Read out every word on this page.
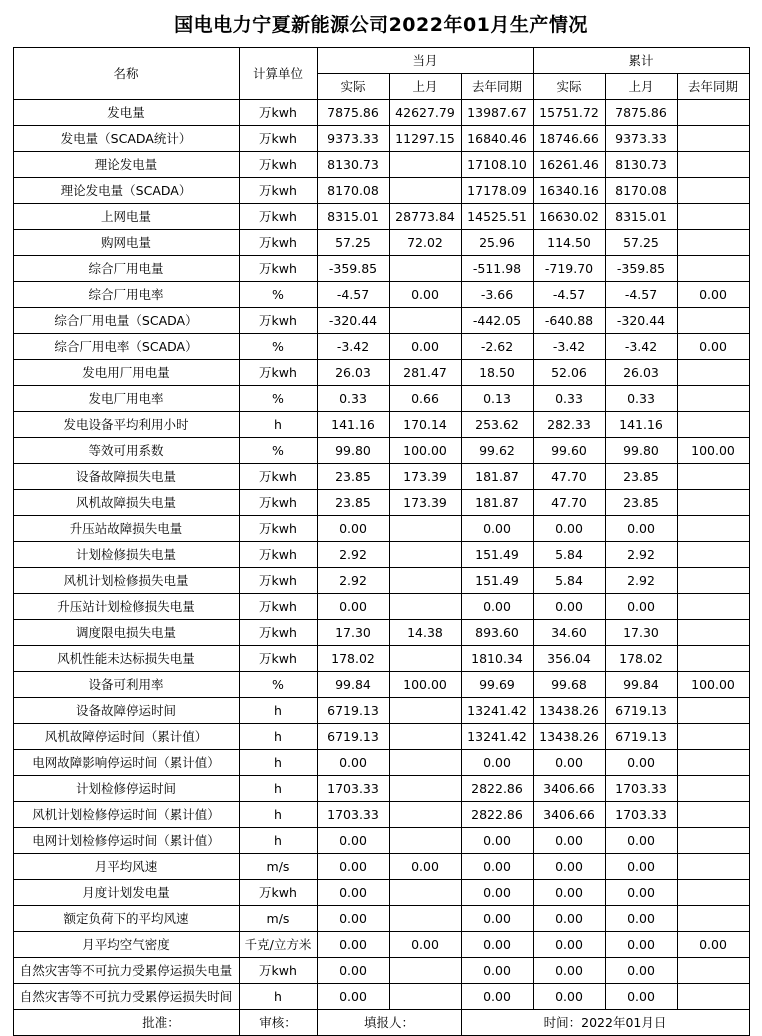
国电电力宁夏新能源公司2022年01月生产情况
名称	计算单位	当月			累计		
		实际	上月	去年同期	实际	上月	去年同期
发电量	万kwh	7875.86	42627.79	13987.67	15751.72	7875.86	
发电量（SCADA统计）	万kwh	9373.33	11297.15	16840.46	18746.66	9373.33	
理论发电量	万kwh	8130.73		17108.10	16261.46	8130.73	
理论发电量（SCADA）	万kwh	8170.08		17178.09	16340.16	8170.08	
上网电量	万kwh	8315.01	28773.84	14525.51	16630.02	8315.01	
购网电量	万kwh	57.25	72.02	25.96	114.50	57.25	
综合厂用电量	万kwh	-359.85		-511.98	-719.70	-359.85	
综合厂用电率	%	-4.57	0.00	-3.66	-4.57	-4.57	0.00
综合厂用电量（SCADA）	万kwh	-320.44		-442.05	-640.88	-320.44	
综合厂用电率（SCADA）	%	-3.42	0.00	-2.62	-3.42	-3.42	0.00
发电用厂用电量	万kwh	26.03	281.47	18.50	52.06	26.03	
发电厂用电率	%	0.33	0.66	0.13	0.33	0.33	
发电设备平均利用小时	h	141.16	170.14	253.62	282.33	141.16	
等效可用系数	%	99.80	100.00	99.62	99.60	99.80	100.00
设备故障损失电量	万kwh	23.85	173.39	181.87	47.70	23.85	
风机故障损失电量	万kwh	23.85	173.39	181.87	47.70	23.85	
升压站故障损失电量	万kwh	0.00		0.00	0.00	0.00	
计划检修损失电量	万kwh	2.92		151.49	5.84	2.92	
风机计划检修损失电量	万kwh	2.92		151.49	5.84	2.92	
升压站计划检修损失电量	万kwh	0.00		0.00	0.00	0.00	
调度限电损失电量	万kwh	17.30	14.38	893.60	34.60	17.30	
风机性能未达标损失电量	万kwh	178.02		1810.34	356.04	178.02	
设备可利用率	%	99.84	100.00	99.69	99.68	99.84	100.00
设备故障停运时间	h	6719.13		13241.42	13438.26	6719.13	
风机故障停运时间（累计值）	h	6719.13		13241.42	13438.26	6719.13	
电网故障影响停运时间（累计值）	h	0.00		0.00	0.00	0.00	
计划检修停运时间	h	1703.33		2822.86	3406.66	1703.33	
风机计划检修停运时间（累计值）	h	1703.33		2822.86	3406.66	1703.33	
电网计划检修停运时间（累计值）	h	0.00		0.00	0.00	0.00	
月平均风速	m/s	0.00	0.00	0.00	0.00	0.00	
月度计划发电量	万kwh	0.00		0.00	0.00	0.00	
额定负荷下的平均风速	m/s	0.00		0.00	0.00	0.00	
月平均空气密度	千克/立方米	0.00	0.00	0.00	0.00	0.00	0.00
自然灾害等不可抗力受累停运损失电量	万kwh	0.00		0.00	0.00	0.00	
自然灾害等不可抗力受累停运损失时间	h	0.00		0.00	0.00	0.00	
批准：	审核：	填报人：		时间：2022年01月日			
